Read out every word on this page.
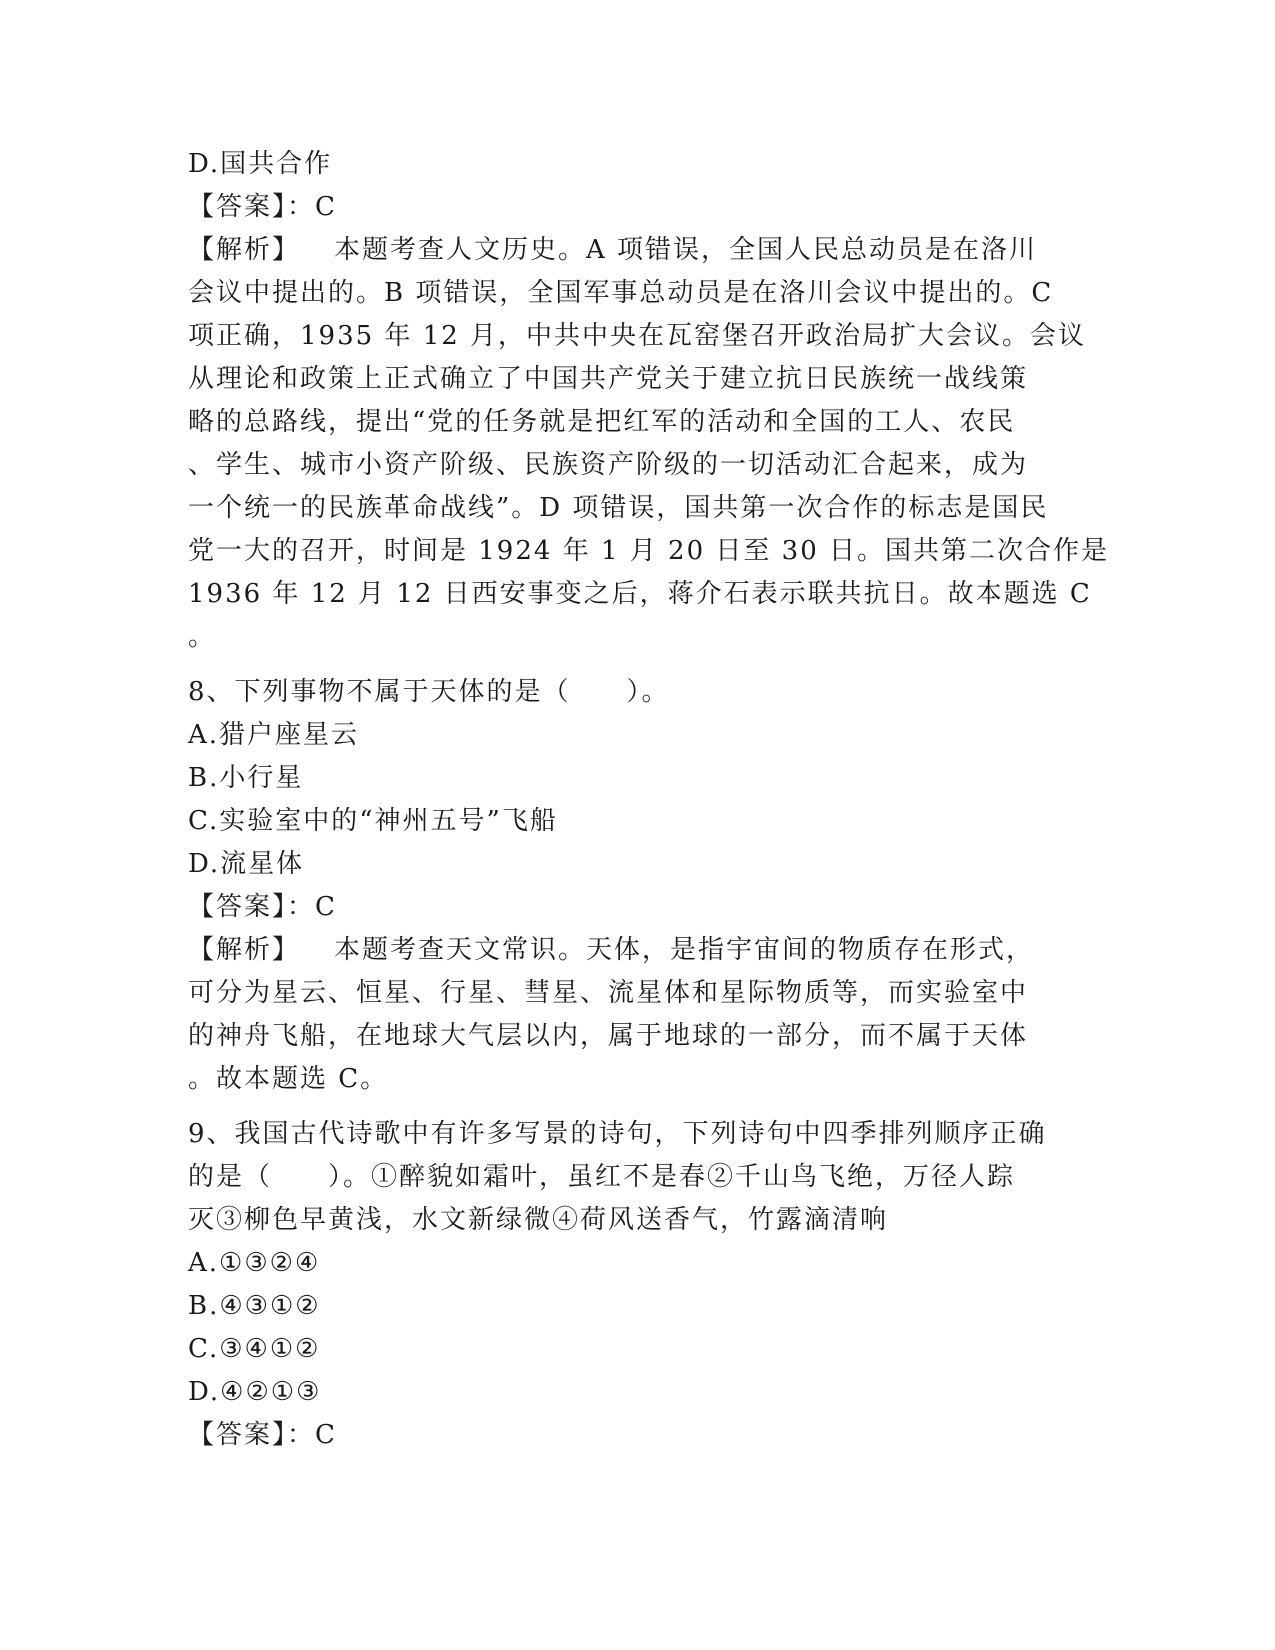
D.国共合作
【答案】：C
【解析】 本题考查人文历史。A 项错误，全国人民总动员是在洛川
会议中提出的。B 项错误，全国军事总动员是在洛川会议中提出的。C
项正确，1935 年 12 月，中共中央在瓦窑堡召开政治局扩大会议。会议
从理论和政策上正式确立了中国共产党关于建立抗日民族统一战线策
略的总路线，提出“党的任务就是把红军的活动和全国的工人、农民
、学生、城市小资产阶级、民族资产阶级的一切活动汇合起来，成为
一个统一的民族革命战线”。D 项错误，国共第一次合作的标志是国民
党一大的召开，时间是 1924 年 1 月 20 日至 30 日。国共第二次合作是
1936 年 12 月 12 日西安事变之后，蒋介石表示联共抗日。故本题选 C
。
8、下列事物不属于天体的是（　　）。
A.猎户座星云
B.小行星
C.实验室中的“神州五号”飞船
D.流星体
【答案】：C
【解析】 本题考查天文常识。天体，是指宇宙间的物质存在形式，
可分为星云、恒星、行星、彗星、流星体和星际物质等，而实验室中
的神舟飞船，在地球大气层以内，属于地球的一部分，而不属于天体
。故本题选 C。
9、我国古代诗歌中有许多写景的诗句，下列诗句中四季排列顺序正确
的是（　　）。①醉貌如霜叶，虽红不是春②千山鸟飞绝，万径人踪
灭③柳色早黄浅，水文新绿微④荷风送香气，竹露滴清响
A.①③②④
B.④③①②
C.③④①②
D.④②①③
【答案】：C
